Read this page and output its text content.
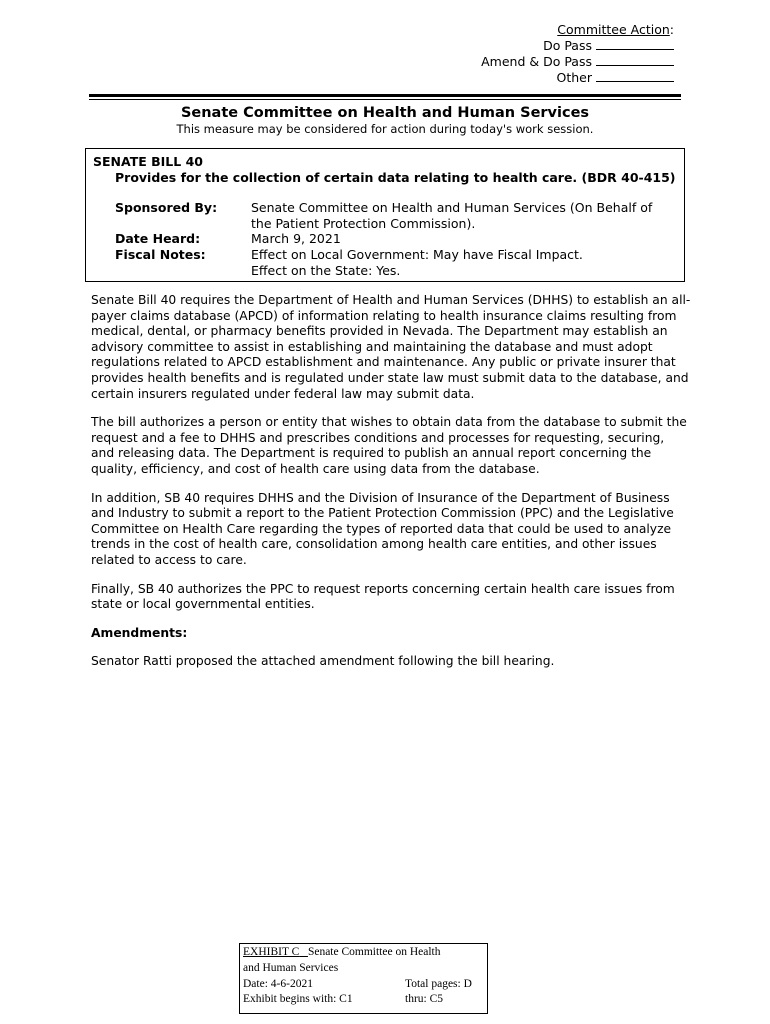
Committee Action:
Do Pass
Amend & Do Pass
Other
Senate Committee on Health and Human Services
This measure may be considered for action during today's work session.
SENATE BILL 40
Provides for the collection of certain data relating to health care. (BDR 40-415)
Sponsored By:	Senate Committee on Health and Human Services (On Behalf of
the Patient Protection Commission).
Date Heard:	March 9, 2021
Fiscal Notes:	Effect on Local Government: May have Fiscal Impact.
Effect on the State: Yes.

Senate Bill 40 requires the Department of Health and Human Services (DHHS) to establish an all-payer claims database (APCD) of information relating to health insurance claims resulting from medical, dental, or pharmacy benefits provided in Nevada. The Department may establish an advisory committee to assist in establishing and maintaining the database and must adopt regulations related to APCD establishment and maintenance. Any public or private insurer that provides health benefits and is regulated under state law must submit data to the database, and certain insurers regulated under federal law may submit data.

The bill authorizes a person or entity that wishes to obtain data from the database to submit the request and a fee to DHHS and prescribes conditions and processes for requesting, securing, and releasing data. The Department is required to publish an annual report concerning the quality, efficiency, and cost of health care using data from the database.

In addition, SB 40 requires DHHS and the Division of Insurance of the Department of Business and Industry to submit a report to the Patient Protection Commission (PPC) and the Legislative Committee on Health Care regarding the types of reported data that could be used to analyze trends in the cost of health care, consolidation among health care entities, and other issues related to access to care.

Finally, SB 40 authorizes the PPC to request reports concerning certain health care issues from state or local governmental entities.

Amendments:

Senator Ratti proposed the attached amendment following the bill hearing.

EXHIBIT C Senate Committee on Health
and Human Services
Date: 4-6-2021	Total pages: D
Exhibit begins with: C1	thru: C5
